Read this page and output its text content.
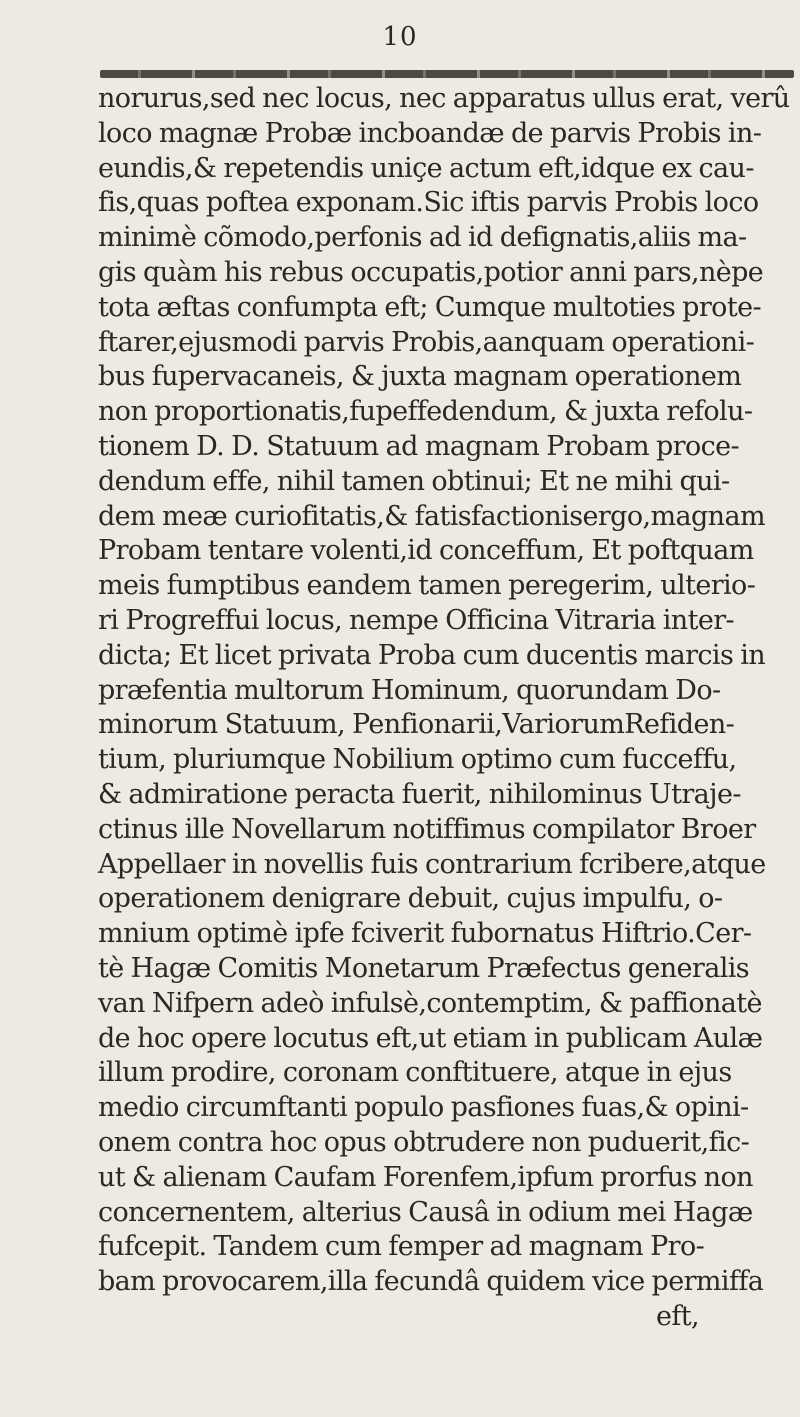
10
norurus,sed nec locus, nec apparatus ullus erat, verû
loco magnæ Probæ incboandæ de parvis Probis in-
eundis,& repetendis uniçe actum eft,idque ex cau-
fis,quas poftea exponam.Sic iftis parvis Probis loco
minimè cõmodo,perfonis ad id defignatis,aliis ma-
gis quàm his rebus occupatis,potior anni pars,nèpe
tota æftas confumpta eft; Cumque multoties prote-
ftarer,ejusmodi parvis Probis,aanquam operationi-
bus fupervacaneis, & juxta magnam operationem
non proportionatis,fupeffedendum, & juxta refolu-
tionem D. D. Statuum ad magnam Probam proce-
dendum effe, nihil tamen obtinui; Et ne mihi qui-
dem meæ curiofitatis,& fatisfactionisergo,magnam
Probam tentare volenti,id conceffum, Et poftquam
meis fumptibus eandem tamen peregerim, ulterio-
ri Progreffui locus, nempe Officina Vitraria inter-
dicta; Et licet privata Proba cum ducentis marcis in
præfentia multorum Hominum, quorundam Do-
minorum Statuum, Penfionarii,VariorumRefiden-
tium, pluriumque Nobilium optimo cum fucceffu,
& admiratione peracta fuerit, nihilominus Utraje-
ctinus ille Novellarum notiffimus compilator Broer
Appellaer in novellis fuis contrarium fcribere,atque
operationem denigrare debuit, cujus impulfu, o-
mnium optimè ipfe fciverit fubornatus Hiftrio.Cer-
tè Hagæ Comitis Monetarum Præfectus generalis
van Nifpern adeò infulsè,contemptim, & paffionatè
de hoc opere locutus eft,ut etiam in publicam Aulæ
illum prodire, coronam conftituere, atque in ejus
medio circumftanti populo pasfiones fuas,& opini-
onem contra hoc opus obtrudere non puduerit,fic-
ut & alienam Caufam Forenfem,ipfum prorfus non
concernentem, alterius Causâ in odium mei Hagæ
fufcepit. Tandem cum femper ad magnam Pro-
bam provocarem,illa fecundâ quidem vice permiffa
eft,
